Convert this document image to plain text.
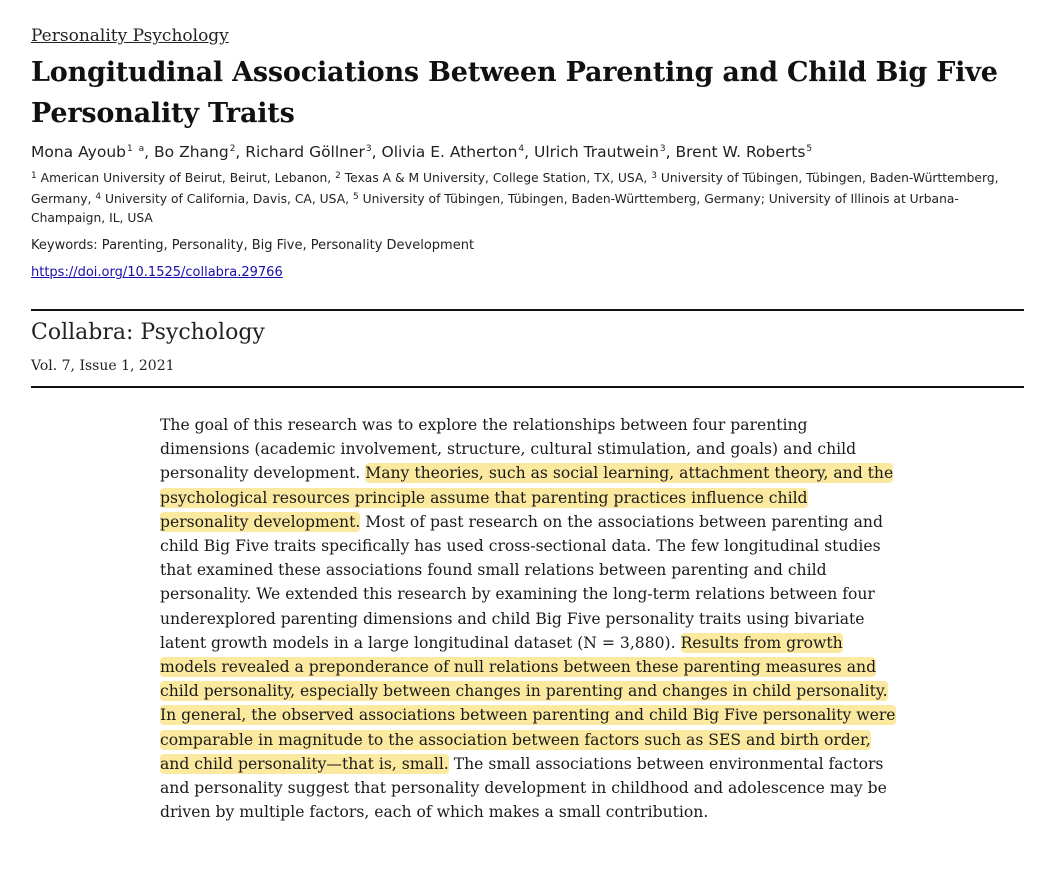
Personality Psychology
Longitudinal Associations Between Parenting and Child Big Five Personality Traits
Mona Ayoub$^1$ $^a$, Bo Zhang$^2$, Richard Göllner$^3$, Olivia E. Atherton$^4$, Ulrich Trautwein$^3$, Brent W. Roberts$^5$
$^1$ American University of Beirut, Beirut, Lebanon, $^2$ Texas A & M University, College Station, TX, USA, $^3$ University of Tübingen, Tübingen, Baden-Württemberg, Germany, $^4$ University of California, Davis, CA, USA, $^5$ University of Tübingen, Tübingen, Baden-Württemberg, Germany; University of Illinois at Urbana-Champaign, IL, USA
Keywords: Parenting, Personality, Big Five, Personality Development
https://doi.org/10.1525/collabra.29766
Collabra: Psychology
Vol. 7, Issue 1, 2021
The goal of this research was to explore the relationships between four parenting dimensions (academic involvement, structure, cultural stimulation, and goals) and child personality development. Many theories, such as social learning, attachment theory, and the psychological resources principle assume that parenting practices influence child personality development. Most of past research on the associations between parenting and child Big Five traits specifically has used cross-sectional data. The few longitudinal studies that examined these associations found small relations between parenting and child personality. We extended this research by examining the long-term relations between four underexplored parenting dimensions and child Big Five personality traits using bivariate latent growth models in a large longitudinal dataset (N = 3,880). Results from growth models revealed a preponderance of null relations between these parenting measures and child personality, especially between changes in parenting and changes in child personality. In general, the observed associations between parenting and child Big Five personality were comparable in magnitude to the association between factors such as SES and birth order, and child personality—that is, small. The small associations between environmental factors and personality suggest that personality development in childhood and adolescence may be driven by multiple factors, each of which makes a small contribution.
